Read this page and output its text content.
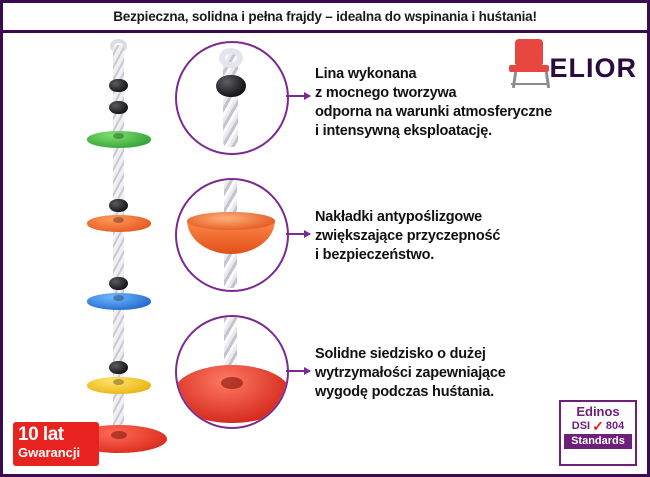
Bezpieczna, solidna i pełna frajdy – idealna do wspinania i huśtania!
ELIOR
Lina wykonana
z mocnego tworzywa
odporna na warunki atmosferyczne
i intensywną eksploatację.
Nakładki antypoślizgowe
zwiększające przyczepność
i bezpieczeństwo.
Solidne siedzisko o dużej
wytrzymałości zapewniające
wygodę podczas huśtania.
10 lat
Gwarancji
Edinos
DSI ✓ 804
Standards
